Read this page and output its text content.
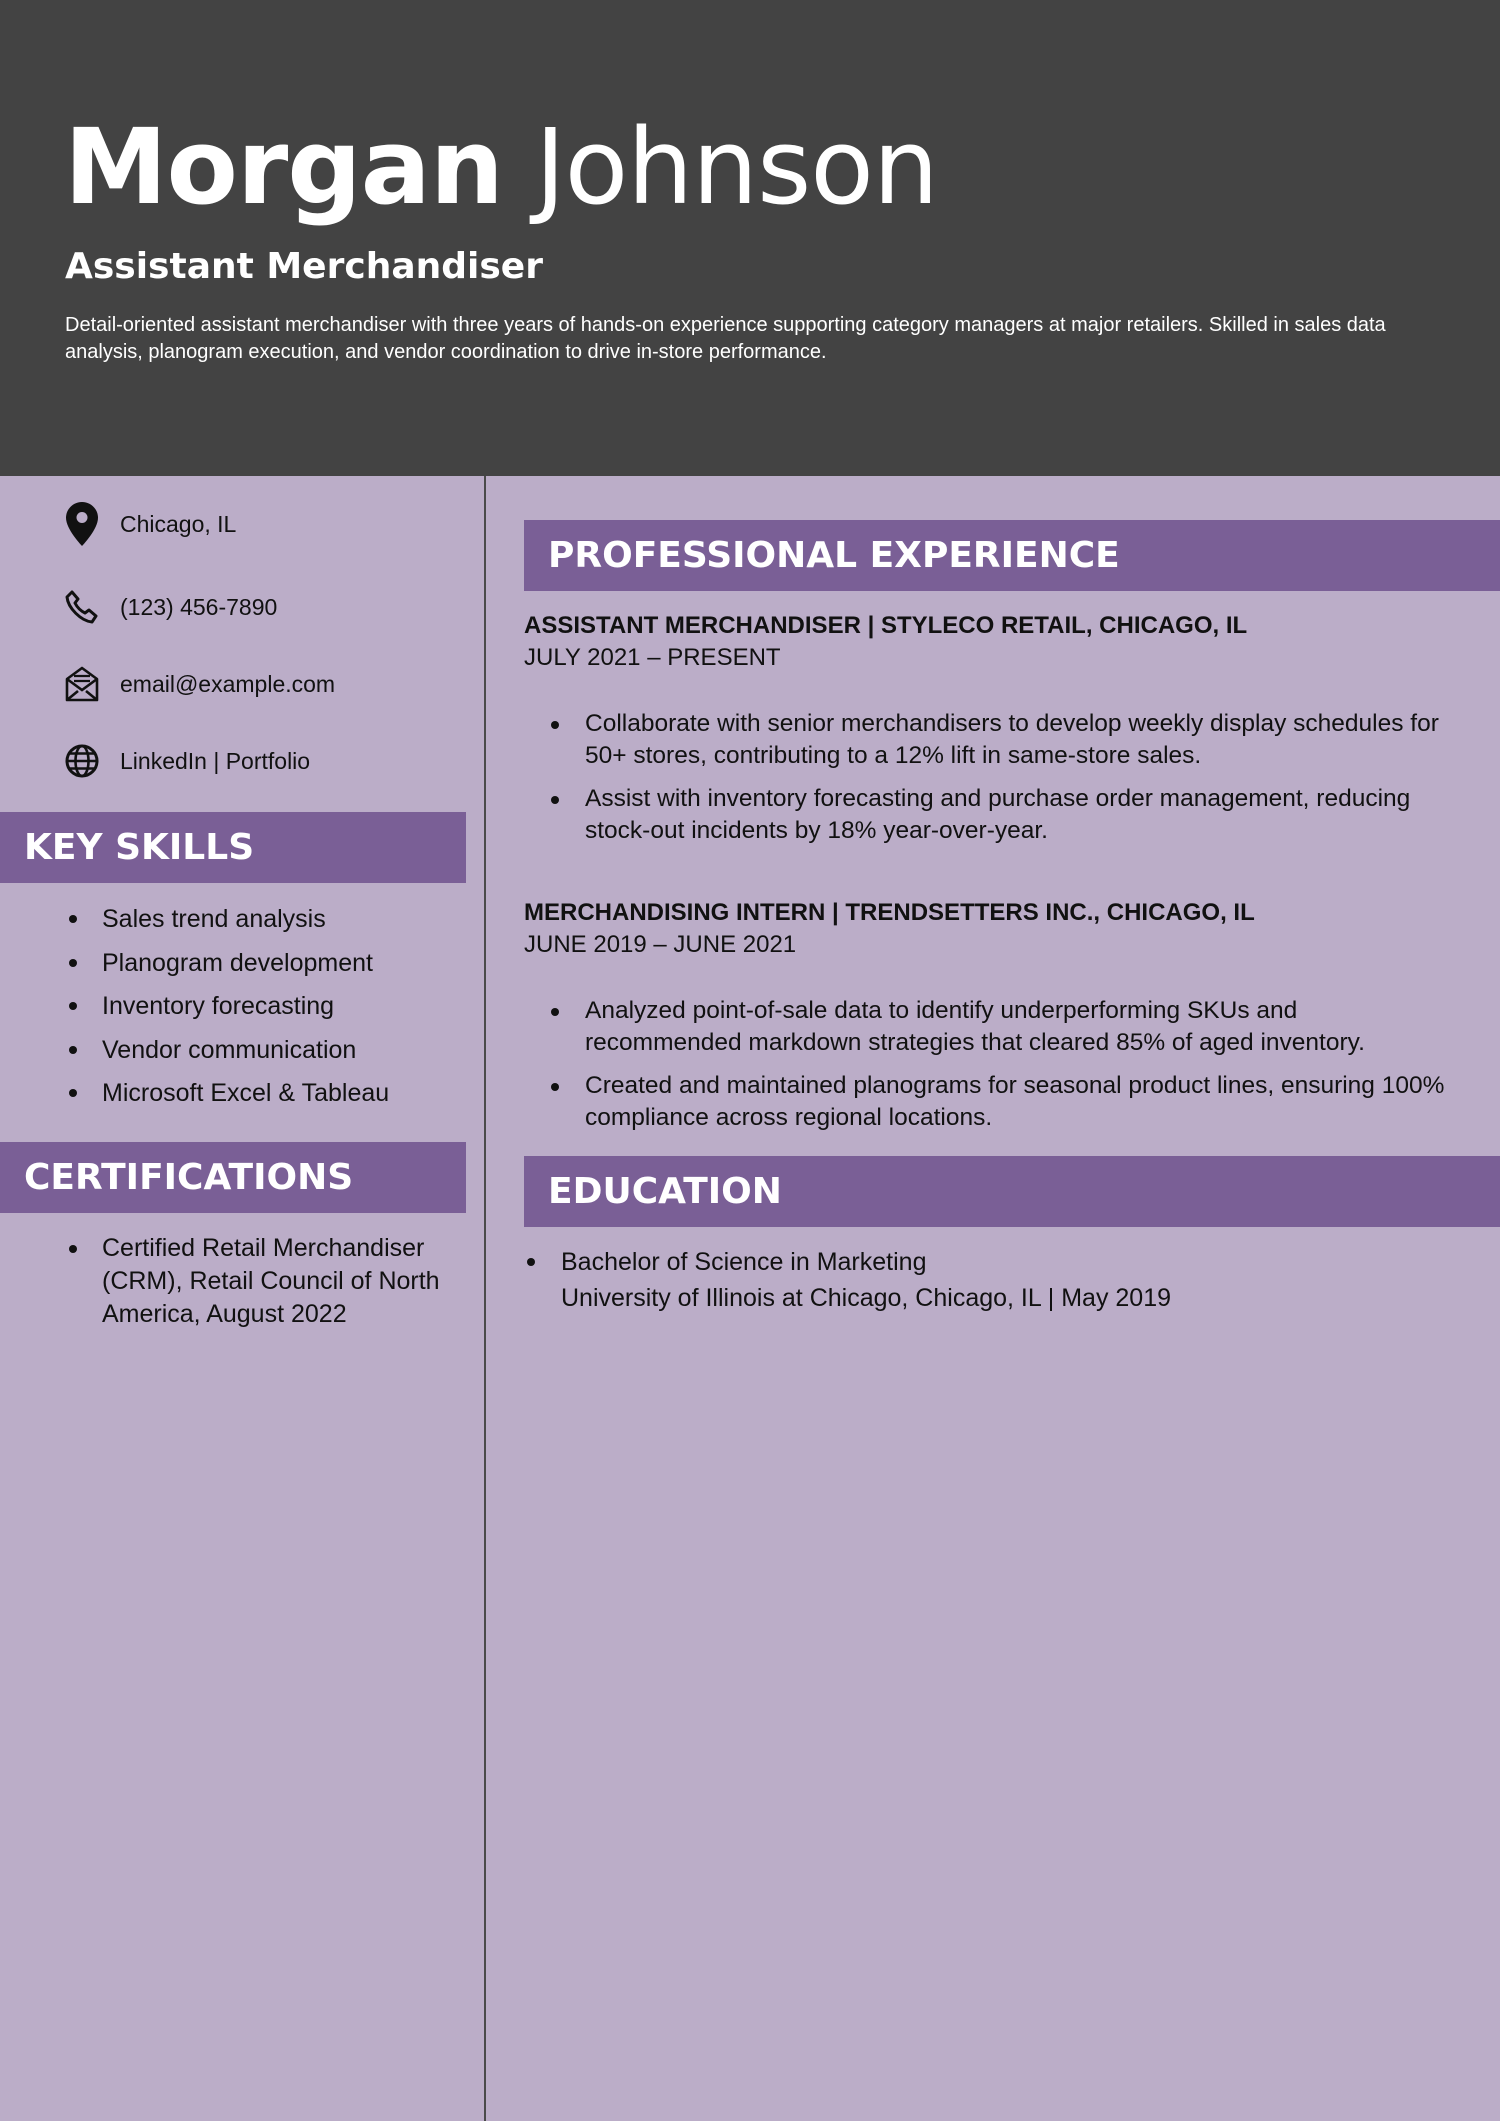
Morgan Johnson
Assistant Merchandiser
Detail-oriented assistant merchandiser with three years of hands-on experience supporting category managers at major retailers. Skilled in sales data analysis, planogram execution, and vendor coordination to drive in-store performance.
Chicago, IL
(123) 456-7890
email@example.com
LinkedIn | Portfolio
KEY SKILLS
Sales trend analysis
Planogram development
Inventory forecasting
Vendor communication
Microsoft Excel & Tableau
CERTIFICATIONS
Certified Retail Merchandiser (CRM), Retail Council of North America, August 2022
PROFESSIONAL EXPERIENCE
ASSISTANT MERCHANDISER | STYLECO RETAIL, CHICAGO, IL
JULY 2021 – PRESENT
Collaborate with senior merchandisers to develop weekly display schedules for 50+ stores, contributing to a 12% lift in same-store sales.
Assist with inventory forecasting and purchase order management, reducing stock-out incidents by 18% year-over-year.
MERCHANDISING INTERN | TRENDSETTERS INC., CHICAGO, IL
JUNE 2019 – JUNE 2021
Analyzed point-of-sale data to identify underperforming SKUs and recommended markdown strategies that cleared 85% of aged inventory.
Created and maintained planograms for seasonal product lines, ensuring 100% compliance across regional locations.
EDUCATION
Bachelor of Science in Marketing
University of Illinois at Chicago, Chicago, IL | May 2019
